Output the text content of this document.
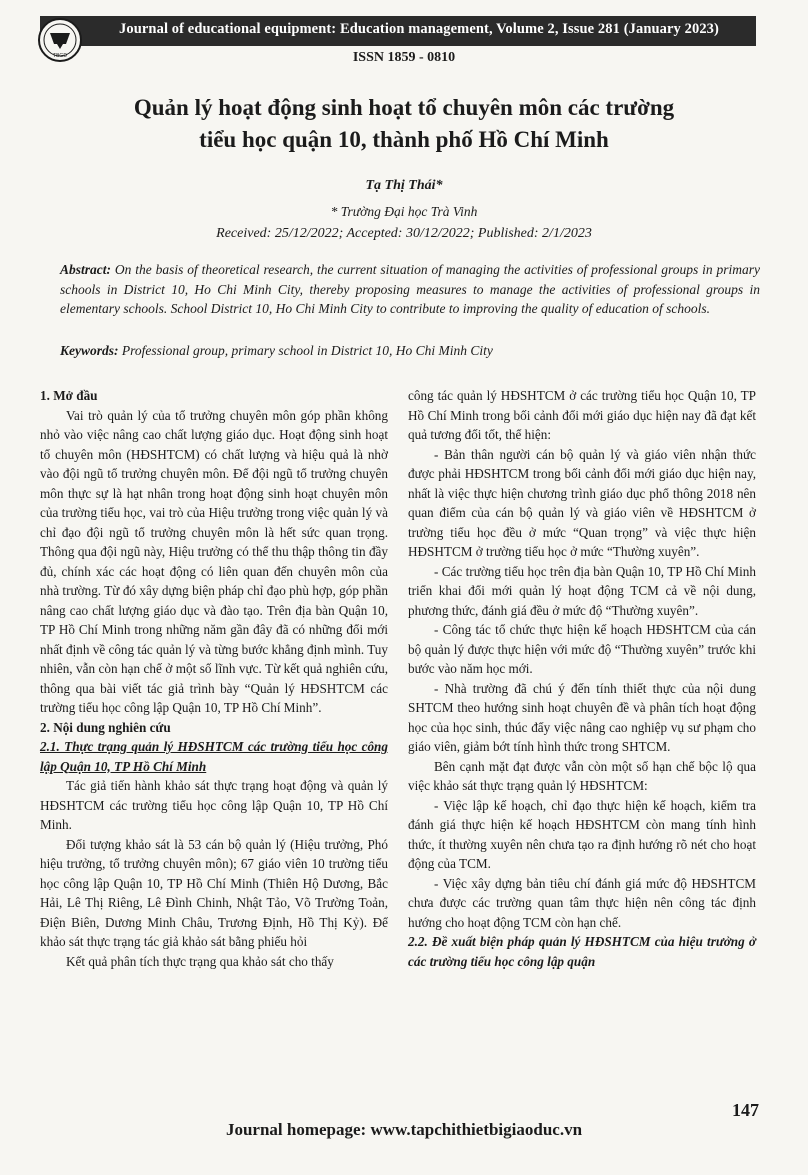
Journal of educational equipment: Education management, Volume 2, Issue 281 (January 2023)
TBGD	ISSN 1859 - 0810
Quản lý hoạt động sinh hoạt tổ chuyên môn các trường
tiểu học quận 10, thành phố Hồ Chí Minh
Tạ Thị Thái*
* Trường Đại học Trà Vinh
Received: 25/12/2022; Accepted: 30/12/2022; Published: 2/1/2023
Abstract: On the basis of theoretical research, the current situation of managing the activities of professional groups in primary schools in District 10, Ho Chi Minh City, thereby proposing measures to manage the activities of professional groups in elementary schools. School District 10, Ho Chi Minh City to contribute to improving the quality of education of schools.
Keywords: Professional group, primary school in District 10, Ho Chi Minh City
1. Mở đầu

Vai trò quản lý của tổ trưởng chuyên môn góp phần không nhỏ vào việc nâng cao chất lượng giáo dục. Hoạt động sinh hoạt tổ chuyên môn (HĐSHTCM) có chất lượng và hiệu quả là nhờ vào đội ngũ tổ trưởng chuyên môn. Để đội ngũ tổ trưởng chuyên môn thực sự là hạt nhân trong hoạt động sinh hoạt chuyên môn của trường tiểu học, vai trò của Hiệu trưởng trong việc quản lý và chỉ đạo đội ngũ tổ trưởng chuyên môn là hết sức quan trọng. Thông qua đội ngũ này, Hiệu trưởng có thể thu thập thông tin đầy đủ, chính xác các hoạt động có liên quan đến chuyên môn của nhà trường. Từ đó xây dựng biện pháp chỉ đạo phù hợp, góp phần nâng cao chất lượng giáo dục và đào tạo. Trên địa bàn Quận 10, TP Hồ Chí Minh trong những năm gần đây đã có những đổi mới nhất định về công tác quản lý và từng bước khẳng định mình. Tuy nhiên, vẫn còn hạn chế ở một số lĩnh vực. Từ kết quả nghiên cứu, thông qua bài viết tác giả trình bày “Quản lý HĐSHTCM các trường tiểu học công lập Quận 10, TP Hồ Chí Minh”.

2. Nội dung nghiên cứu
2.1. Thực trạng quản lý HĐSHTCM các trường tiểu học công lập Quận 10, TP Hồ Chí Minh

Tác giả tiến hành khảo sát thực trạng hoạt động và quản lý HĐSHTCM các trường tiểu học công lập Quận 10, TP Hồ Chí Minh.

Đối tượng khảo sát là 53 cán bộ quản lý (Hiệu trưởng, Phó hiệu trưởng, tổ trưởng chuyên môn); 67 giáo viên 10 trường tiểu học công lập Quận 10, TP Hồ Chí Minh (Thiên Hộ Dương, Bắc Hải, Lê Thị Riêng, Lê Đình Chinh, Nhật Tảo, Võ Trường Toản, Điện Biên, Dương Minh Châu, Trương Định, Hồ Thị Kỷ). Để khảo sát thực trạng tác giả khảo sát bằng phiếu hỏi

Kết quả phân tích thực trạng qua khảo sát cho thấy

công tác quản lý HĐSHTCM ở các trường tiểu học Quận 10, TP Hồ Chí Minh trong bối cảnh đổi mới giáo dục hiện nay đã đạt kết quả tương đối tốt, thể hiện:

- Bản thân người cán bộ quản lý và giáo viên nhận thức được phải HĐSHTCM trong bối cảnh đổi mới giáo dục hiện nay, nhất là việc thực hiện chương trình giáo dục phổ thông 2018 nên quan điểm của cán bộ quản lý và giáo viên về HĐSHTCM ở trường tiểu học đều ở mức “Quan trọng” và việc thực hiện HĐSHTCM ở trường tiểu học ở mức “Thường xuyên”.

- Các trường tiểu học trên địa bàn Quận 10, TP Hồ Chí Minh triển khai đổi mới quản lý hoạt động TCM cả về nội dung, phương thức, đánh giá đều ở mức độ “Thường xuyên”.

- Công tác tổ chức thực hiện kế hoạch HĐSHTCM của cán bộ quản lý được thực hiện với mức độ “Thường xuyên” trước khi bước vào năm học mới.

- Nhà trường đã chú ý đến tính thiết thực của nội dung SHTCM theo hướng sinh hoạt chuyên đề và phân tích hoạt động học của học sinh, thúc đẩy việc nâng cao nghiệp vụ sư phạm cho giáo viên, giảm bớt tính hình thức trong SHTCM.

Bên cạnh mặt đạt được vẫn còn một số hạn chế bộc lộ qua việc khảo sát thực trạng quản lý HĐSHTCM:

- Việc lập kế hoạch, chỉ đạo thực hiện kế hoạch, kiểm tra đánh giá thực hiện kế hoạch HĐSHTCM còn mang tính hình thức, ít thường xuyên nên chưa tạo ra định hướng rõ nét cho hoạt động của TCM.

- Việc xây dựng bản tiêu chí đánh giá mức độ HĐSHTCM chưa được các trường quan tâm thực hiện nên công tác định hướng cho hoạt động TCM còn hạn chế.

2.2. Đề xuất biện pháp quản lý HĐSHTCM của hiệu trưởng ở các trường tiểu học công lập quận
147
Journal homepage: www.tapchithietbigiaoduc.vn
